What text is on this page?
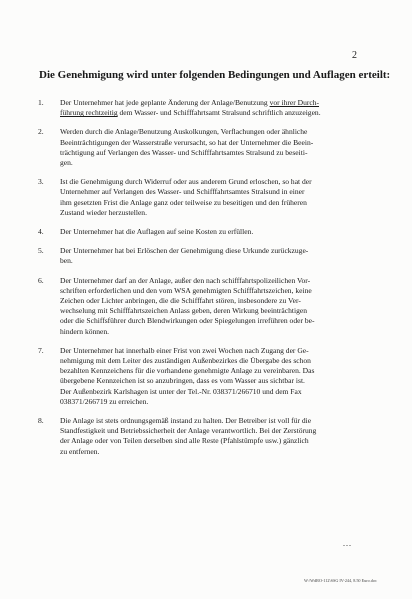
2
Die Genehmigung wird unter folgenden Bedingungen und Auflagen erteilt:
1. Der Unternehmer hat jede geplante Änderung der Anlage/Benutzung vor ihrer Durch-
führung rechtzeitig dem Wasser- und Schifffahrtsamt Stralsund schriftlich anzuzeigen.
2. Werden durch die Anlage/Benutzung Auskolkungen, Verflachungen oder ähnliche
Beeinträchtigungen der Wasserstraße verursacht, so hat der Unternehmer die Beein-
trächtigung auf Verlangen des Wasser- und Schifffahrtsamtes Stralsund zu beseiti-
gen.
3. Ist die Genehmigung durch Widerruf oder aus anderem Grund erloschen, so hat der
Unternehmer auf Verlangen des Wasser- und Schifffahrtsamtes Stralsund in einer
ihm gesetzten Frist die Anlage ganz oder teilweise zu beseitigen und den früheren
Zustand wieder herzustellen.
4. Der Unternehmer hat die Auflagen auf seine Kosten zu erfüllen.
5. Der Unternehmer hat bei Erlöschen der Genehmigung diese Urkunde zurückzuge-
ben.
6. Der Unternehmer darf an der Anlage, außer den nach schifffahrtspolizeilichen Vor-
schriften erforderlichen und den vom WSA genehmigten Schifffahrtszeichen, keine
Zeichen oder Lichter anbringen, die die Schifffahrt stören, insbesondere zu Ver-
wechselung mit Schifffahrtszeichen Anlass geben, deren Wirkung beeinträchtigen
oder die Schiffsführer durch Blendwirkungen oder Spiegelungen irreführen oder be-
hindern können.
7. Der Unternehmer hat innerhalb einer Frist von zwei Wochen nach Zugang der Ge-
nehmigung mit dem Leiter des zuständigen Außenbezirkes die Übergabe des schon
bezahlten Kennzeichens für die vorhandene genehmigte Anlage zu vereinbaren. Das
übergebene Kennzeichen ist so anzubringen, dass es vom Wasser aus sichtbar ist.
Der Außenbezirk Karlshagen ist unter der Tel.-Nr. 038371/266710 und dem Fax
038371/266719 zu erreichen.
8. Die Anlage ist stets ordnungsgemäß instand zu halten. Der Betreiber ist voll für die
Standfestigkeit und Betriebssicherheit der Anlage verantwortlich. Bei der Zerstörung
der Anlage oder von Teilen derselben sind alle Reste (Pfahlstümpfe usw.) gänzlich
zu entfernen.
...
W:\WdRO-112\SSG IV-244, 8.50 Euro.doc
